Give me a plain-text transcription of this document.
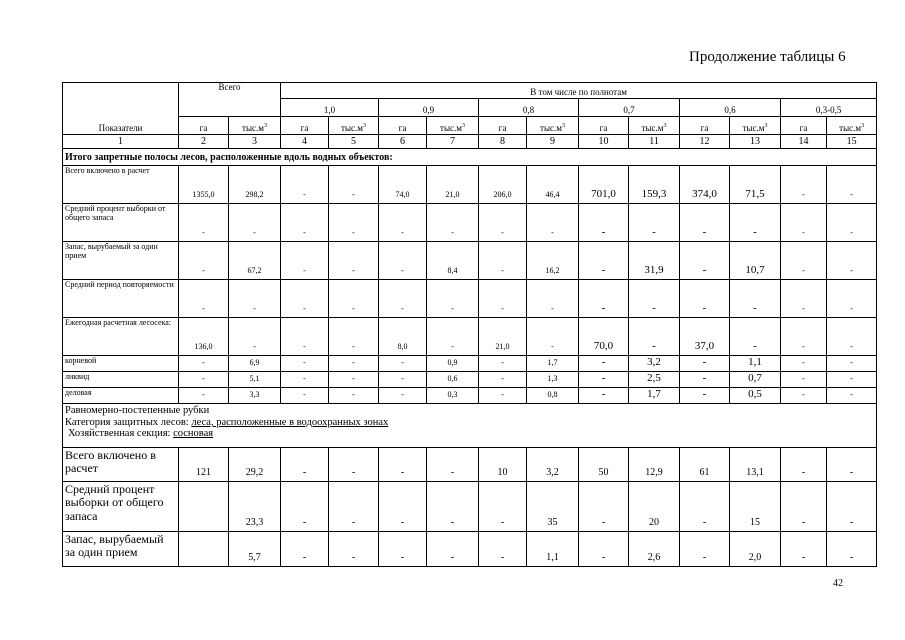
Продолжение таблицы 6
Показатели	Всего		В том числе по полнотам											
			1,0		0,9		0,8		0,7		0,6		0,3-0,5	
	га	$тыс.м^3$	га	$тыс.м^3$	га	$тыс.м^3$	га	$тыс.м^3$	га	$тыс.м^3$	га	$тыс.м^3$	га	$тыс.м^3$
1	2	3	4	5	6	7	8	9	10	11	12	13	14	15
Итого запретные полосы лесов, расположенные вдоль водных объектов:														
Всего включено в расчет	1355,0	298,2	-	-	74,0	21,0	206,0	46,4	701,0	159,3	374,0	71,5	-	-
Средний процент выборки от общего запаса	-	-	-	-	-	-	-	-	-	-	-	-	-	-
Запас, вырубаемый за один прием	-	67,2	-	-	-	8,4	-	16,2	-	31,9	-	10,7	-	-
Средний период повторяемости	-	-	-	-	-	-	-	-	-	-	-	-	-	-
Ежегодная расчетная лесосека:	136,0	-	-	-	8,0	-	21,0	-	70,0	-	37,0	-	-	-
корневой	-	6,9	-	-	-	0,9	-	1,7	-	3,2	-	1,1	-	-
ликвид	-	5,1	-	-	-	0,6	-	1,3	-	2,5	-	0,7	-	-
деловая	-	3,3	-	-	-	0,3	-	0,8	-	1,7	-	0,5	-	-

Равномерно-постепенные рубки
Категория защитных лесов: леса, расположенные в водоохранных зонах
Хозяйственная секция: сосновая														

Всего включено в расчет	121	29,2	-	-	-	-	10	3,2	50	12,9	61	13,1	-	-
Средний процент выборки от общего запаса		23,3	-	-	-	-	-	35	-	20	-	15	-	-
Запас, вырубаемый за один прием		5,7	-	-	-	-	-	1,1	-	2,6	-	2,0	-	-
42
